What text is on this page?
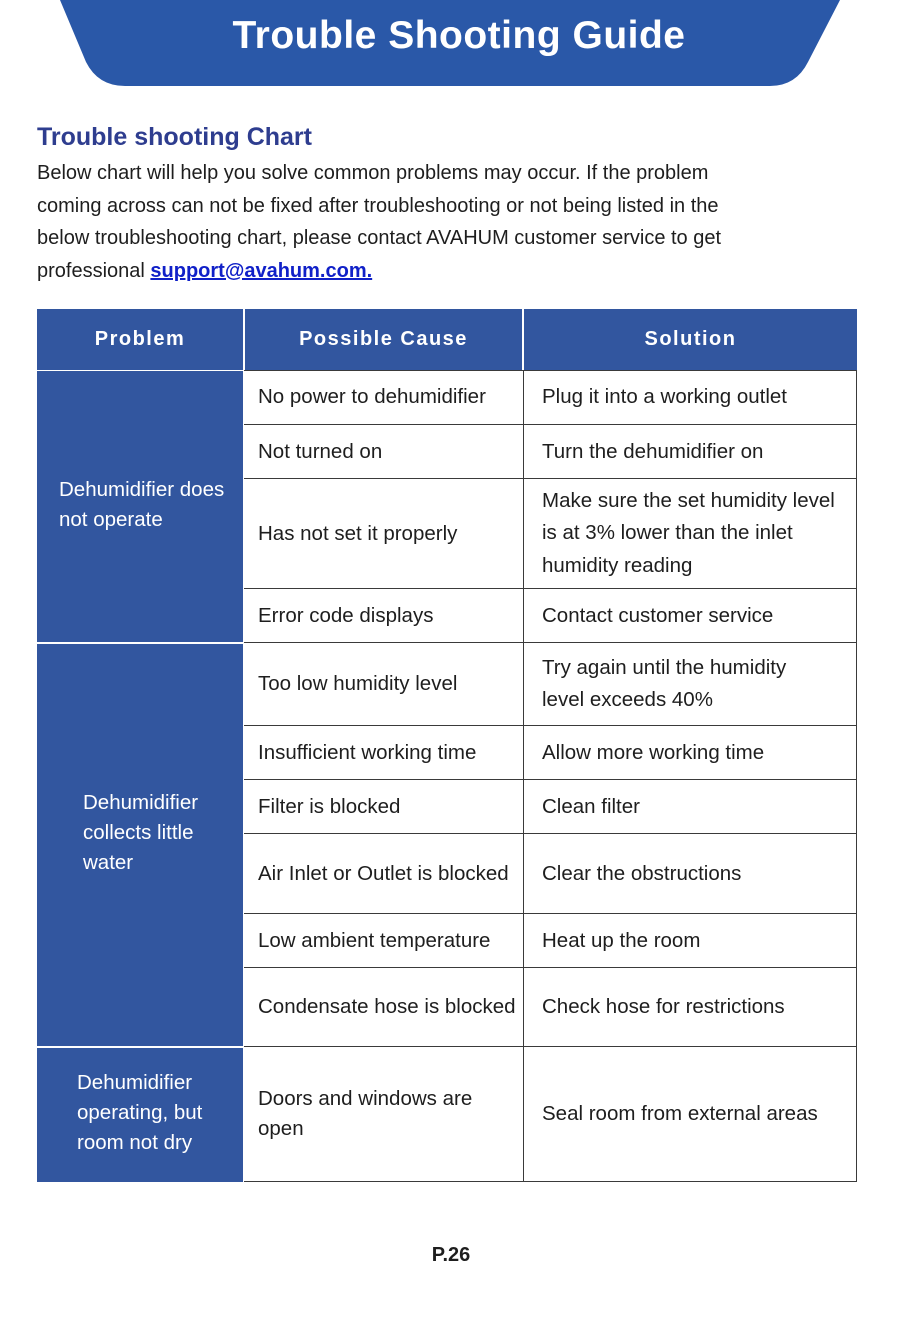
Trouble Shooting Guide
Trouble shooting Chart
Below chart will help you solve common problems may occur. If the problem
coming across can not be fixed after troubleshooting or not being listed in the
below troubleshooting chart, please contact AVAHUM customer service to get
professional support@avahum.com.
Problem	Possible Cause	Solution
Dehumidifier does not operate
Dehumidifier collects little water
Dehumidifier operating, but room not dry
No power to dehumidifier
Not turned on
Has not set it properly
Error code displays
Too low humidity level
Insufficient working time
Filter is blocked
Air Inlet or Outlet is blocked
Low ambient temperature
Condensate hose is blocked
Doors and windows are open
Plug it into a working outlet
Turn the dehumidifier on
Make sure the set humidity level is at 3% lower than the inlet humidity reading
Contact customer service
Try again until the humidity level exceeds 40%
Allow more working time
Clean filter
Clear the obstructions
Heat up the room
Check hose for restrictions
Seal room from external areas
P.26
